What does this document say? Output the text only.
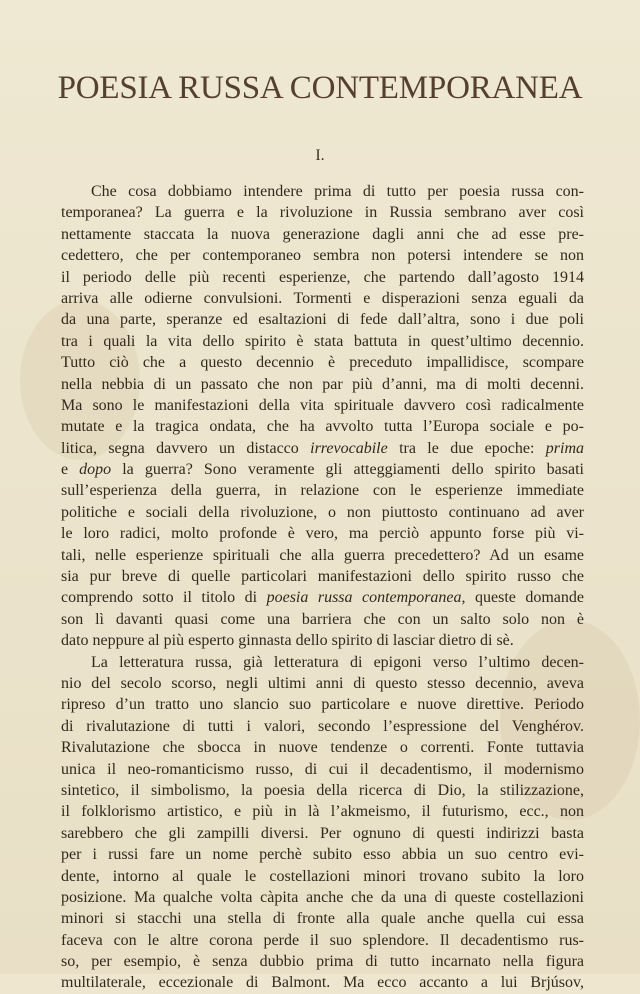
POESIA RUSSA CONTEMPORANEA
I.
Che cosa dobbiamo intendere prima di tutto per poesia russa con-
temporanea? La guerra e la rivoluzione in Russia sembrano aver così
nettamente staccata la nuova generazione dagli anni che ad esse pre-
cedettero, che per contemporaneo sembra non potersi intendere se non
il periodo delle più recenti esperienze, che partendo dall’agosto 1914
arriva alle odierne convulsioni. Tormenti e disperazioni senza eguali da
da una parte, speranze ed esaltazioni di fede dall’altra, sono i due poli
tra i quali la vita dello spirito è stata battuta in quest’ultimo decennio.
Tutto ciò che a questo decennio è preceduto impallidisce, scompare
nella nebbia di un passato che non par più d’anni, ma di molti decenni.
Ma sono le manifestazioni della vita spirituale davvero così radicalmente
mutate e la tragica ondata, che ha avvolto tutta l’Europa sociale e po-
litica, segna davvero un distacco irrevocabile tra le due epoche: prima
e dopo la guerra? Sono veramente gli atteggiamenti dello spirito basati
sull’esperienza della guerra, in relazione con le esperienze immediate
politiche e sociali della rivoluzione, o non piuttosto continuano ad aver
le loro radici, molto profonde è vero, ma perciò appunto forse più vi-
tali, nelle esperienze spirituali che alla guerra precedettero? Ad un esame
sia pur breve di quelle particolari manifestazioni dello spirito russo che
comprendo sotto il titolo di poesia russa contemporanea, queste domande
son lì davanti quasi come una barriera che con un salto solo non è
dato neppure al più esperto ginnasta dello spirito di lasciar dietro di sè.
La letteratura russa, già letteratura di epigoni verso l’ultimo decen-
nio del secolo scorso, negli ultimi anni di questo stesso decennio, aveva
ripreso d’un tratto uno slancio suo particolare e nuove direttive. Periodo
di rivalutazione di tutti i valori, secondo l’espressione del Venghérov.
Rivalutazione che sbocca in nuove tendenze o correnti. Fonte tuttavia
unica il neo-romanticismo russo, di cui il decadentismo, il modernismo
sintetico, il simbolismo, la poesia della ricerca di Dio, la stilizzazione,
il folklorismo artistico, e più in là l’akmeismo, il futurismo, ecc., non
sarebbero che gli zampilli diversi. Per ognuno di questi indirizzi basta
per i russi fare un nome perchè subito esso abbia un suo centro evi-
dente, intorno al quale le costellazioni minori trovano subito la loro
posizione. Ma qualche volta càpita anche che da una di queste costellazioni
minori si stacchi una stella di fronte alla quale anche quella cui essa
faceva con le altre corona perde il suo splendore. Il decadentismo rus-
so, per esempio, è senza dubbio prima di tutto incarnato nella figura
multilaterale, eccezionale di Balmont. Ma ecco accanto a lui Brjúsov,
